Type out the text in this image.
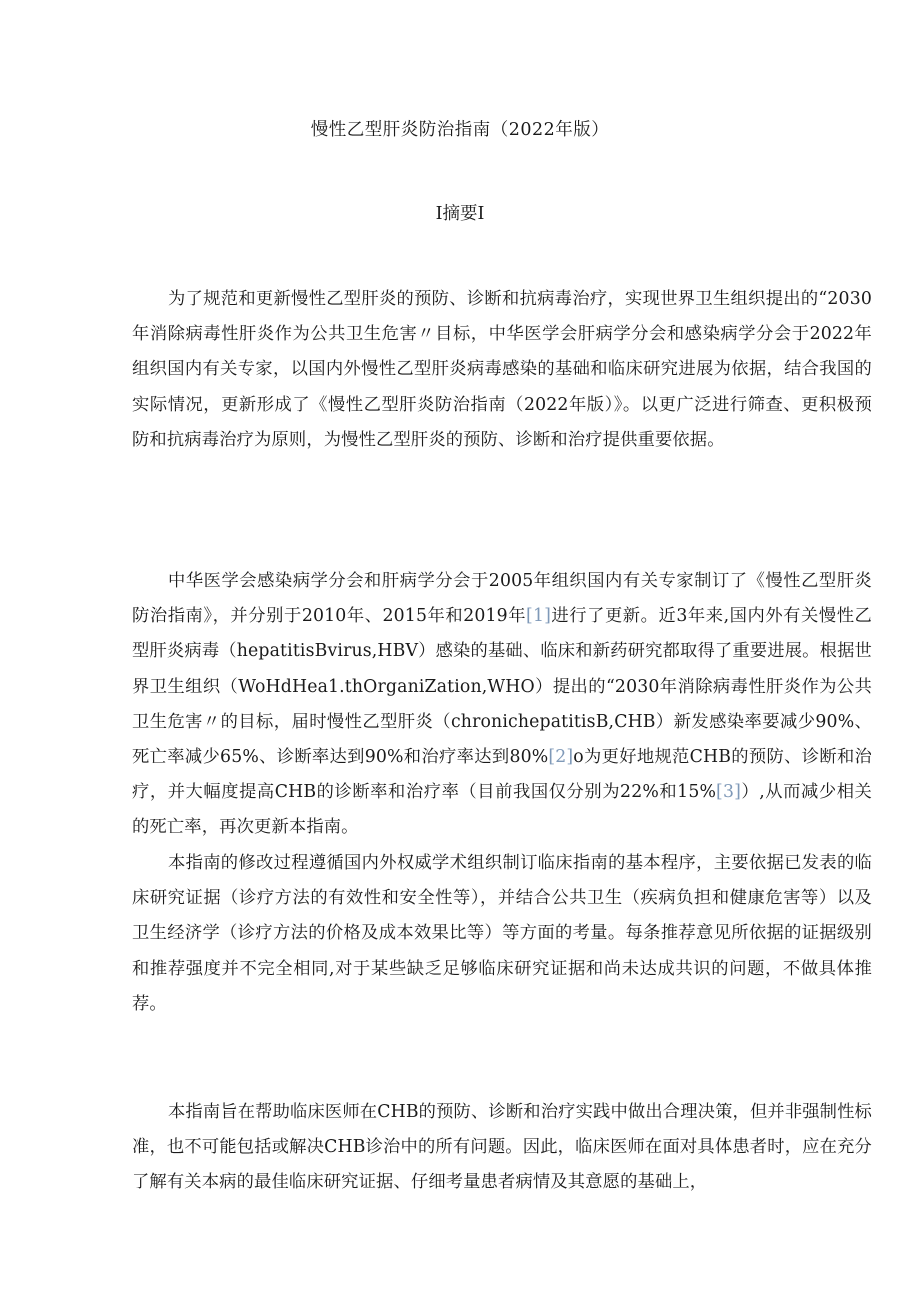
慢性乙型肝炎防治指南（2022年版）
I摘要I

为了规范和更新慢性乙型肝炎的预防、诊断和抗病毒治疗，实现世界卫生组织提出的“2030年消除病毒性肝炎作为公共卫生危害〃目标，中华医学会肝病学分会和感染病学分会于2022年组织国内有关专家，以国内外慢性乙型肝炎病毒感染的基础和临床研究进展为依据，结合我国的实际情况，更新形成了《慢性乙型肝炎防治指南（2022年版）》。以更广泛进行筛查、更积极预防和抗病毒治疗为原则，为慢性乙型肝炎的预防、诊断和治疗提供重要依据。

中华医学会感染病学分会和肝病学分会于2005年组织国内有关专家制订了《慢性乙型肝炎防治指南》，并分别于2010年、2015年和2019年[1]进行了更新。近3年来,国内外有关慢性乙型肝炎病毒（hepatitisBvirus,HBV）感染的基础、临床和新药研究都取得了重要进展。根据世界卫生组织（WoHdHea1.thOrganiZation,WHO）提出的“2030年消除病毒性肝炎作为公共卫生危害〃的目标，届时慢性乙型肝炎（chronichepatitisB,CHB）新发感染率要减少90%、死亡率减少65%、诊断率达到90%和治疗率达到80%[2]o为更好地规范CHB的预防、诊断和治疗，并大幅度提高CHB的诊断率和治疗率（目前我国仅分别为22%和15%[3]）,从而减少相关的死亡率，再次更新本指南。

本指南的修改过程遵循国内外权威学术组织制订临床指南的基本程序，主要依据已发表的临床研究证据（诊疗方法的有效性和安全性等），并结合公共卫生（疾病负担和健康危害等）以及卫生经济学（诊疗方法的价格及成本效果比等）等方面的考量。每条推荐意见所依据的证据级别和推荐强度并不完全相同,对于某些缺乏足够临床研究证据和尚未达成共识的问题，不做具体推荐。

本指南旨在帮助临床医师在CHB的预防、诊断和治疗实践中做出合理决策，但并非强制性标准，也不可能包括或解决CHB诊治中的所有问题。因此，临床医师在面对具体患者时，应在充分了解有关本病的最佳临床研究证据、仔细考量患者病情及其意愿的基础上，
